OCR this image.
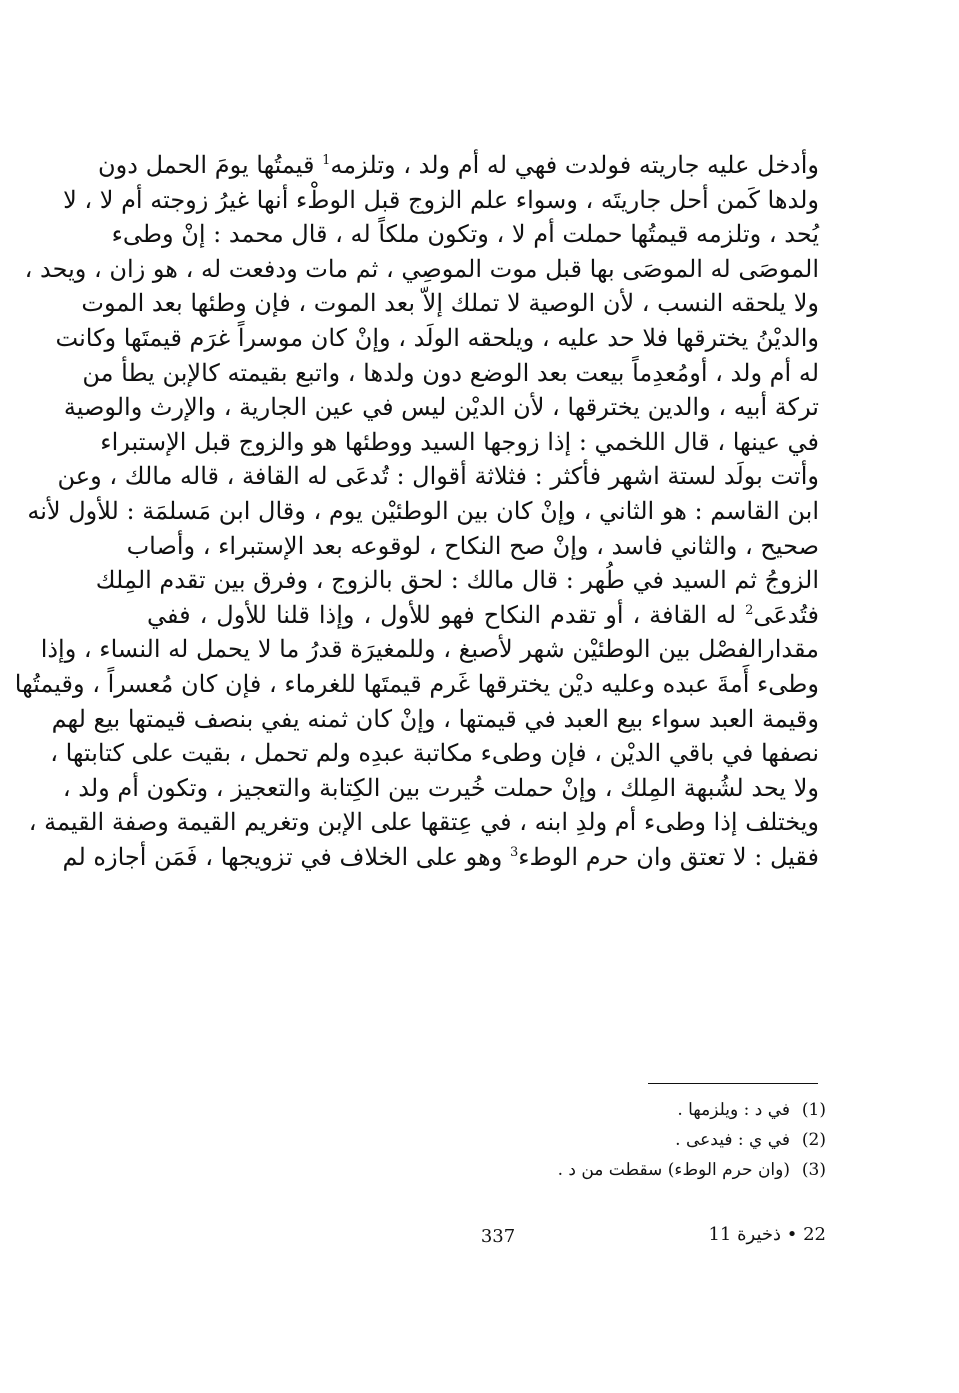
وأدخل عليه جاريته فولدت فهي له أم ولد ، وتلزمه$^1$ قيمتُها يومَ الحمل دون
ولدها كَمن أحل جاريتَه ، وسواء علم الزوج قبل الوطْء أنها غيرُ زوجته أم لا ، لا
يُحد ، وتلزمه قيمتُها حملت أم لا ، وتكون ملكاً له ، قال محمد : إنْ وطىء
الموصَى له الموصَى بها قبل موت الموصِي ، ثم مات ودفعت له ، هو زان ، ويحد ،
ولا يلحقه النسب ، لأن الوصية لا تملك إلاّ بعد الموت ، فإن وطئها بعد الموت
والديْنُ يخترقها فلا حد عليه ، ويلحقه الولَد ، وإنْ كان موسراً غرَم قيمتَها وكانت
له أم ولد ، أومُعدِماً بيعت بعد الوضع دون ولدها ، واتبع بقيمته كالإبن يطأ من
تركة أبيه ، والدين يخترقها ، لأن الديْن ليس في عين الجارية ، والإرث والوصية
في عينها ، قال اللخمي : إذا زوجها السيد ووطئها هو والزوج قبل الإستبراء
وأتت بولَد لستة اشهر فأكثر : فثلاثة أقوال : تُدعَى له القافة ، قاله مالك ، وعن
ابن القاسم : هو الثاني ، وإنْ كان بين الوطئيْن يوم ، وقال ابن مَسلمَة : للأول لأنه
صحيح ، والثاني فاسد ، وإنْ صح النكاح ، لوقوعه بعد الإستبراء ، وأصاب
الزوجُ ثم السيد في طُهر : قال مالك : لحق بالزوج ، وفرق بين تقدم المِلك
فتُدعَى$^2$ له القافة ، أو تقدم النكاح فهو للأول ، وإذا قلنا للأول ، ففي
مقدارالفصْل بين الوطئيْن شهر لأصبغ ، وللمغيرَة قدرُ ما لا يحمل له النساء ، وإذا
وطىء أَمةَ عبده وعليه ديْن يخترقها غَرم قيمتَها للغرماء ، فإن كان مُعسراً ، وقيمتُها
وقيمة العبد سواء بيع العبد في قيمتها ، وإنْ كان ثمنه يفي بنصف قيمتها بيع لهم
نصفها في باقي الديْن ، فإن وطىء مكاتبة عبدِه ولم تحمل ، بقيت على كتابتها ،
ولا يحد لشُبهة المِلك ، وإنْ حملت خُيرت بين الكِتابة والتعجيز ، وتكون أم ولد ،
ويختلف إذا وطىء أم ولدِ ابنه ، في عِتقها على الإبن وتغريم القيمة وصفة القيمة ،
فقيل : لا تعتق وان حرم الوطء$^3$ وهو على الخلاف في تزويجها ، فَمَن أجازه لم
(1)
في د : ويلزمها .
(2)
في ي : فيدعى .
(3)
(وان حرم الوطء) سقطت من د .
337	22 • ذخيرة 11
